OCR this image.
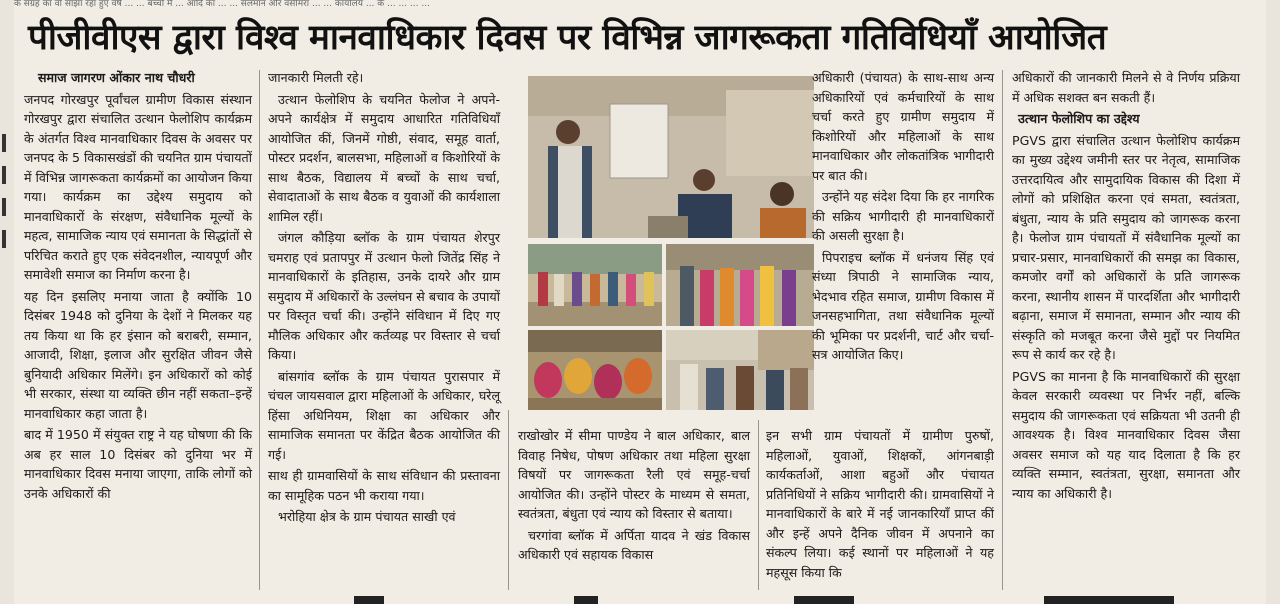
के संग्रह का वो साझा रहा हुए वर्ष ... ... बच्चों में ... आदि का ... ... सलमान और वसीमरा ... ... कार्यालय ... के ... ... ... ...
पीजीवीएस द्वारा विश्व मानवाधिकार दिवस पर विभिन्न जागरूकता गतिविधियाँ आयोजित

समाज जागरण ओंकार नाथ चौधरी

जनपद गोरखपुर पूर्वांचल ग्रामीण विकास संस्थान गोरखपुर द्वारा संचालित उत्थान फेलोशिप कार्यक्रम के अंतर्गत विश्व मानवाधिकार दिवस के अवसर पर जनपद के 5 विकासखंडों की चयनित ग्राम पंचायतों में विभिन्न जागरूकता कार्यक्रमों का आयोजन किया गया। कार्यक्रम का उद्देश्य समुदाय को मानवाधिकारों के संरक्षण, संवैधानिक मूल्यों के महत्व, सामाजिक न्याय एवं समानता के सिद्धांतों से परिचित कराते हुए एक संवेदनशील, न्यायपूर्ण और समावेशी समाज का निर्माण करना है।

यह दिन इसलिए मनाया जाता है क्योंकि 10 दिसंबर 1948 को दुनिया के देशों ने मिलकर यह तय किया था कि हर इंसान को बराबरी, सम्मान, आजादी, शिक्षा, इलाज और सुरक्षित जीवन जैसे बुनियादी अधिकार मिलेंगे। इन अधिकारों को कोई भी सरकार, संस्था या व्यक्ति छीन नहीं सकता–इन्हें मानवाधिकार कहा जाता है।

बाद में 1950 में संयुक्त राष्ट्र ने यह घोषणा की कि अब हर साल 10 दिसंबर को दुनिया भर में मानवाधिकार दिवस मनाया जाएगा, ताकि लोगों को उनके अधिकारों की

जानकारी मिलती रहे।

उत्थान फेलोशिप के चयनित फेलोज ने अपने-अपने कार्यक्षेत्र में समुदाय आधारित गतिविधियाँ आयोजित कीं, जिनमें गोष्ठी, संवाद, समूह वार्ता, पोस्टर प्रदर्शन, बालसभा, महिलाओं व किशोरियों के साथ बैठक, विद्यालय में बच्चों के साथ चर्चा, सेवादाताओं के साथ बैठक व युवाओं की कार्यशाला शामिल रहीं।

जंगल कौड़िया ब्लॉक के ग्राम पंचायत शेरपुर चमराह एवं प्रतापपुर में उत्थान फेलो जितेंद्र सिंह ने मानवाधिकारों के इतिहास, उनके दायरे और ग्राम समुदाय में अधिकारों के उल्लंघन से बचाव के उपायों पर विस्तृत चर्चा की। उन्होंने संविधान में दिए गए मौलिक अधिकार और कर्तव्यह्र पर विस्तार से चर्चा किया।

बांसगांव ब्लॉक के ग्राम पंचायत पुरासपार में चंचल जायसवाल द्वारा महिलाओं के अधिकार, घरेलू हिंसा अधिनियम, शिक्षा का अधिकार और सामाजिक समानता पर केंद्रित बैठक आयोजित की गई।

साथ ही ग्रामवासियों के साथ संविधान की प्रस्तावना का सामूहिक पठन भी कराया गया।

भरोहिया क्षेत्र के ग्राम पंचायत साखी एवं

राखोखोर में सीमा पाण्डेय ने बाल अधिकार, बाल विवाह निषेध, पोषण अधिकार तथा महिला सुरक्षा विषयों पर जागरूकता रैली एवं समूह-चर्चा आयोजित की। उन्होंने पोस्टर के माध्यम से समता, स्वतंत्रता, बंधुता एवं न्याय को विस्तार से बताया।

चरगांवा ब्लॉक में अर्पिता यादव ने खंड विकास अधिकारी एवं सहायक विकास

अधिकारी (पंचायत) के साथ-साथ अन्य अधिकारियों एवं कर्मचारियों के साथ चर्चा करते हुए ग्रामीण समुदाय में किशोरियों और महिलाओं के साथ मानवाधिकार और लोकतांत्रिक भागीदारी पर बात की।

उन्होंने यह संदेश दिया कि हर नागरिक की सक्रिय भागीदारी ही मानवाधिकारों की असली सुरक्षा है।

पिपराइच ब्लॉक में धनंजय सिंह एवं संध्या त्रिपाठी ने सामाजिक न्याय, भेदभाव रहित समाज, ग्रामीण विकास में जनसहभागिता, तथा संवैधानिक मूल्यों की भूमिका पर प्रदर्शनी, चार्ट और चर्चा-सत्र आयोजित किए।

इन सभी ग्राम पंचायतों में ग्रामीण पुरुषों, महिलाओं, युवाओं, शिक्षकों, आंगनबाड़ी कार्यकर्ताओं, आशा बहुओं और पंचायत प्रतिनिधियों ने सक्रिय भागीदारी की। ग्रामवासियों ने मानवाधिकारों के बारे में नई जानकारियाँ प्राप्त कीं और इन्हें अपने दैनिक जीवन में अपनाने का संकल्प लिया। कई स्थानों पर महिलाओं ने यह महसूस किया कि

अधिकारों की जानकारी मिलने से वे निर्णय प्रक्रिया में अधिक सशक्त बन सकती हैं।

उत्थान फेलोशिप का उद्देश्य

PGVS द्वारा संचालित उत्थान फेलोशिप कार्यक्रम का मुख्य उद्देश्य जमीनी स्तर पर नेतृत्व, सामाजिक उत्तरदायित्व और सामुदायिक विकास की दिशा में लोगों को प्रशिक्षित करना एवं समता, स्वतंत्रता, बंधुता, न्याय के प्रति समुदाय को जागरूक करना है। फेलोज ग्राम पंचायतों में संवैधानिक मूल्यों का प्रचार-प्रसार, मानवाधिकारों की समझ का विकास, कमजोर वर्गों को अधिकारों के प्रति जागरूक करना, स्थानीय शासन में पारदर्शिता और भागीदारी बढ़ाना, समाज में समानता, सम्मान और न्याय की संस्कृति को मजबूत करना जैसे मुद्दों पर नियमित रूप से कार्य कर रहे है।

PGVS का मानना है कि मानवाधिकारों की सुरक्षा केवल सरकारी व्यवस्था पर निर्भर नहीं, बल्कि समुदाय की जागरूकता एवं सक्रियता भी उतनी ही आवश्यक है। विश्व मानवाधिकार दिवस जैसा अवसर समाज को यह याद दिलाता है कि हर व्यक्ति सम्मान, स्वतंत्रता, सुरक्षा, समानता और न्याय का अधिकारी है।
